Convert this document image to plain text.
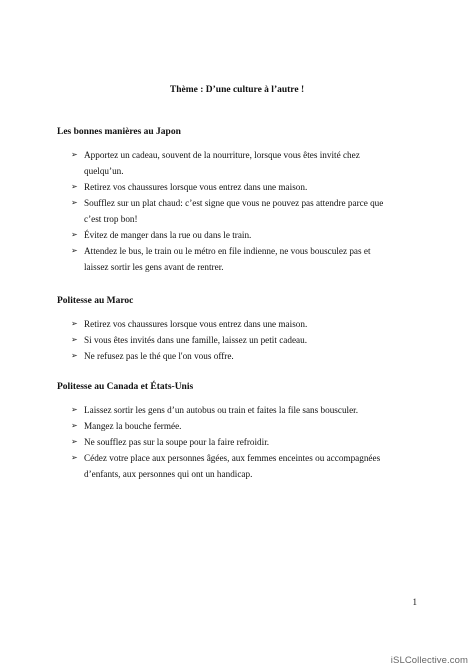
Thème : D’une culture à l’autre !
Les bonnes manières au Japon
➢ Apportez un cadeau, souvent de la nourriture, lorsque vous êtes invité chez
quelqu’un.
➢ Retirez vos chaussures lorsque vous entrez dans une maison.
➢ Soufflez sur un plat chaud: c’est signe que vous ne pouvez pas attendre parce que
c’est trop bon!
➢ Évitez de manger dans la rue ou dans le train.
➢ Attendez le bus, le train ou le métro en file indienne, ne vous bousculez pas et
laissez sortir les gens avant de rentrer.
Politesse au Maroc
➢ Retirez vos chaussures lorsque vous entrez dans une maison.
➢ Si vous êtes invités dans une famille, laissez un petit cadeau.
➢ Ne refusez pas le thé que l'on vous offre.
Politesse au Canada et États-Unis
➢ Laissez sortir les gens d’un autobus ou train et faites la file sans bousculer.
➢ Mangez la bouche fermée.
➢ Ne soufflez pas sur la soupe pour la faire refroidir.
➢ Cédez votre place aux personnes âgées, aux femmes enceintes ou accompagnées
d’enfants, aux personnes qui ont un handicap.
1
iSLCollective.com
